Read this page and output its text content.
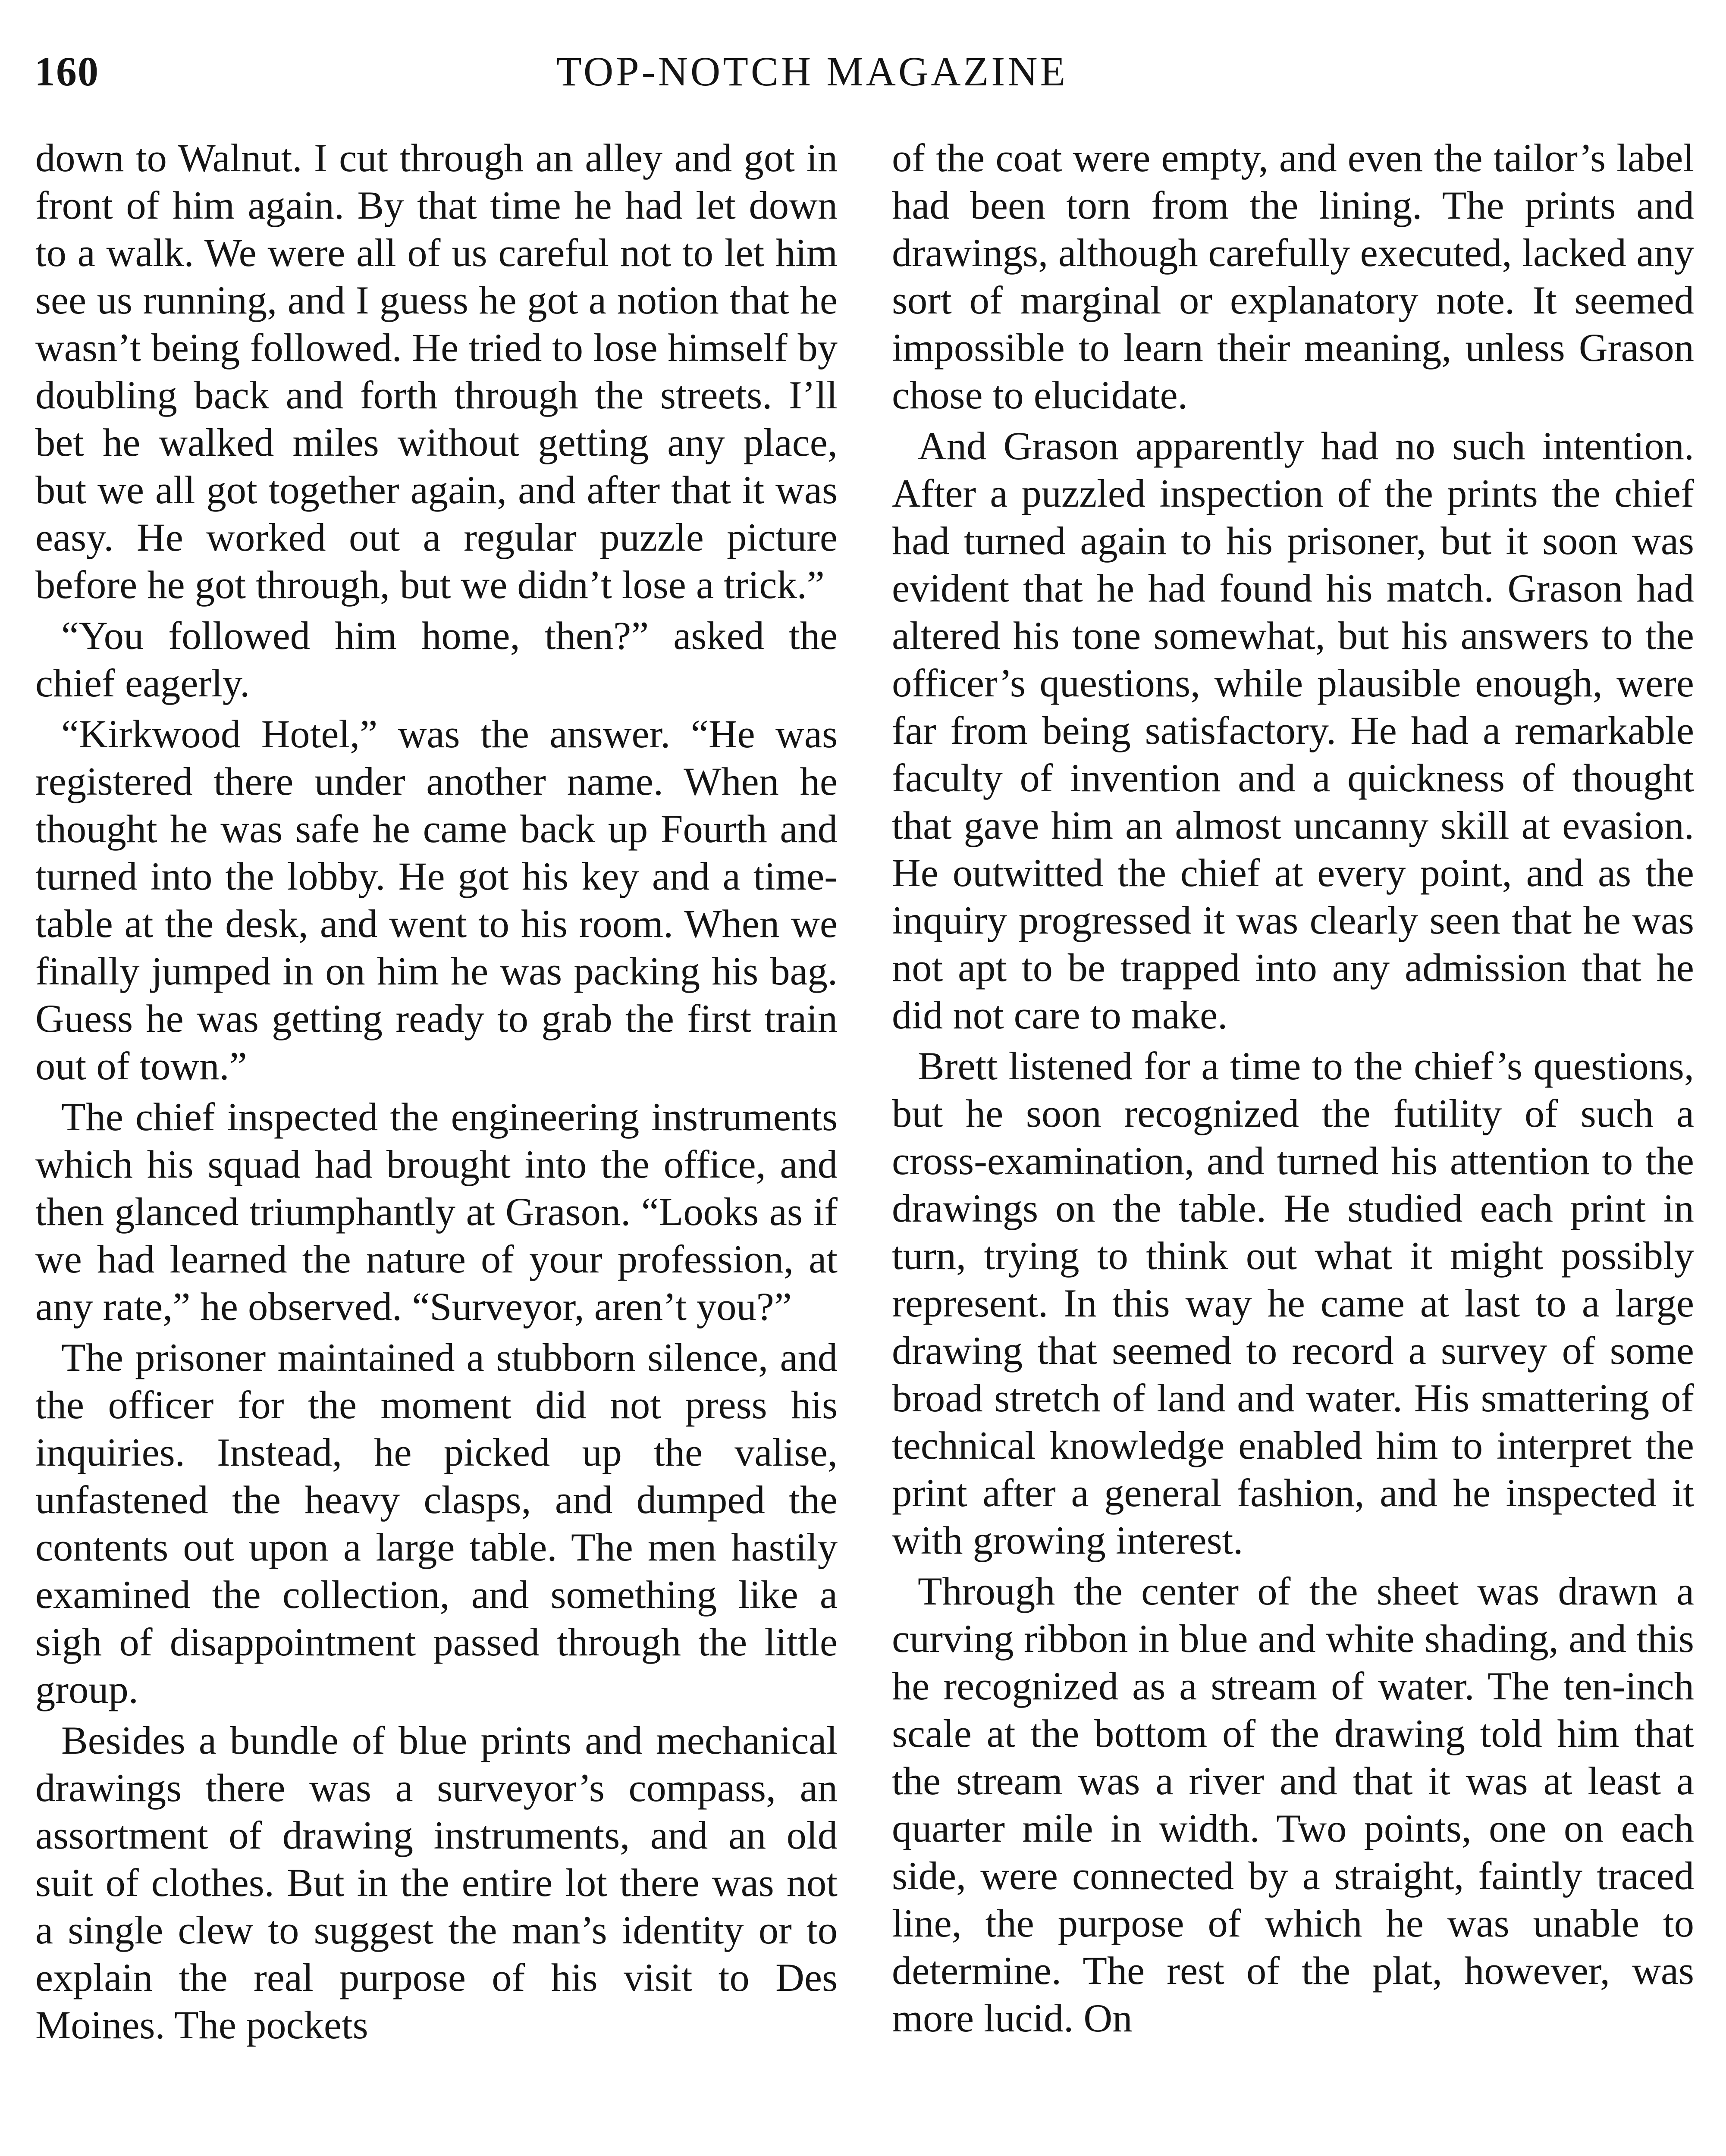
160	TOP-NOTCH MAGAZINE

down to Walnut. I cut through an alley and got in front of him again. By that time he had let down to a walk. We were all of us careful not to let him see us running, and I guess he got a notion that he wasn’t being followed. He tried to lose himself by doubling back and forth through the streets. I’ll bet he walked miles without getting any place, but we all got together again, and after that it was easy. He worked out a regular puzzle picture before he got through, but we didn’t lose a trick.”

“You followed him home, then?” asked the chief eagerly.

“Kirkwood Hotel,” was the answer. “He was registered there under another name. When he thought he was safe he came back up Fourth and turned into the lobby. He got his key and a time-table at the desk, and went to his room. When we finally jumped in on him he was packing his bag. Guess he was getting ready to grab the first train out of town.”

The chief inspected the engineering instruments which his squad had brought into the office, and then glanced triumphantly at Grason. “Looks as if we had learned the nature of your profession, at any rate,” he observed. “Surveyor, aren’t you?”

The prisoner maintained a stubborn silence, and the officer for the moment did not press his inquiries. Instead, he picked up the valise, unfastened the heavy clasps, and dumped the contents out upon a large table. The men hastily examined the collection, and something like a sigh of disappointment passed through the little group.

Besides a bundle of blue prints and mechanical drawings there was a surveyor’s compass, an assortment of drawing instruments, and an old suit of clothes. But in the entire lot there was not a single clew to suggest the man’s identity or to explain the real purpose of his visit to Des Moines. The pockets

of the coat were empty, and even the tailor’s label had been torn from the lining. The prints and drawings, although carefully executed, lacked any sort of marginal or explanatory note. It seemed impossible to learn their meaning, unless Grason chose to elucidate.

And Grason apparently had no such intention. After a puzzled inspection of the prints the chief had turned again to his prisoner, but it soon was evident that he had found his match. Grason had altered his tone somewhat, but his answers to the officer’s questions, while plausible enough, were far from being satisfactory. He had a remarkable faculty of invention and a quickness of thought that gave him an almost uncanny skill at evasion. He outwitted the chief at every point, and as the inquiry progressed it was clearly seen that he was not apt to be trapped into any admission that he did not care to make.

Brett listened for a time to the chief’s questions, but he soon recognized the futility of such a cross-examination, and turned his attention to the drawings on the table. He studied each print in turn, trying to think out what it might possibly represent. In this way he came at last to a large drawing that seemed to record a survey of some broad stretch of land and water. His smattering of technical knowledge enabled him to interpret the print after a general fashion, and he inspected it with growing interest.

Through the center of the sheet was drawn a curving ribbon in blue and white shading, and this he recognized as a stream of water. The ten-inch scale at the bottom of the drawing told him that the stream was a river and that it was at least a quarter mile in width. Two points, one on each side, were connected by a straight, faintly traced line, the purpose of which he was unable to determine. The rest of the plat, however, was more lucid. On
